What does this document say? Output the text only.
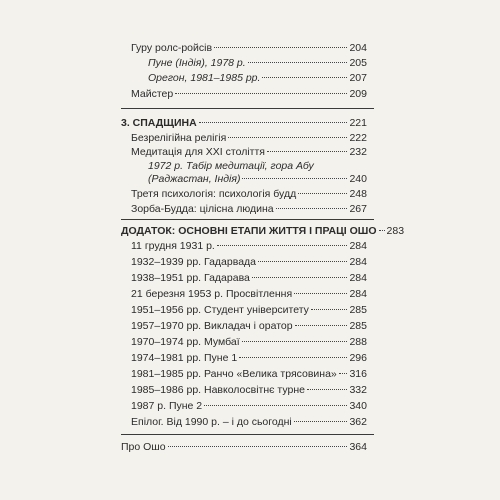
Гуру ролс-ройсів	204
Пуне (Індія), 1978 р.	205
Орегон, 1981–1985 рр.	207
Майстер	209
3. СПАДЩИНА	221
Безрелігійна релігія	222
Медитація для XXI століття	232
1972 р. Табір медитації, гора Абу
(Раджастан, Індія)	240
Третя психологія: психологія будд	248
Зорба-Будда: цілісна людина	267
ДОДАТОК: ОСНОВНІ ЕТАПИ ЖИТТЯ І ПРАЦІ ОШО 283
11 грудня 1931 р.	284
1932–1939 рр. Гадарвада	284
1938–1951 рр. Гадарава	284
21 березня 1953 р. Просвітлення	284
1951–1956 рр. Студент університету	285
1957–1970 рр. Викладач і оратор	285
1970–1974 рр. Мумбаї	288
1974–1981 рр. Пуне 1	296
1981–1985 рр. Ранчо «Велика трясовина» 316
1985–1986 рр. Навколосвітнє турне	332
1987 р. Пуне 2	340
Епілог. Від 1990 р. – і до сьогодні	362
Про Ошо	364
